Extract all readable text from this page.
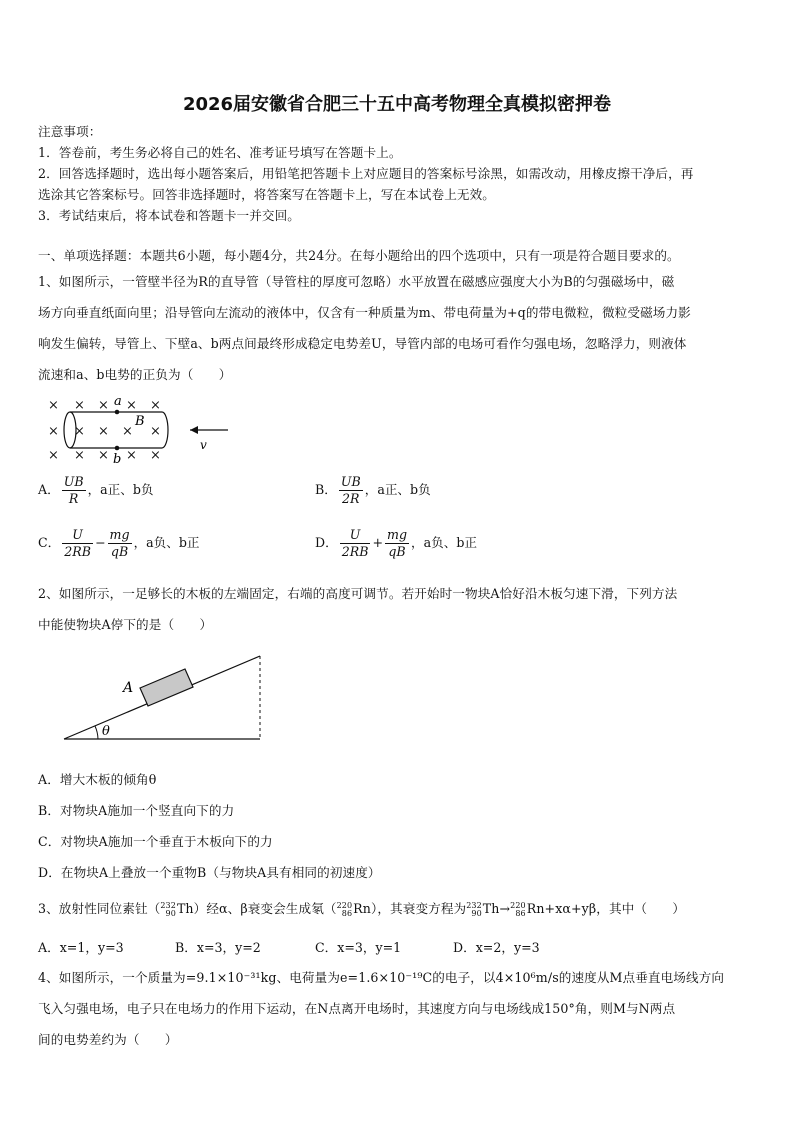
2026届安徽省合肥三十五中高考物理全真模拟密押卷
注意事项：
1．答卷前，考生务必将自己的姓名、准考证号填写在答题卡上。
2．回答选择题时，选出每小题答案后，用铅笔把答题卡上对应题目的答案标号涂黑，如需改动，用橡皮擦干净后，再
选涂其它答案标号。回答非选择题时，将答案写在答题卡上，写在本试卷上无效。
3．考试结束后，将本试卷和答题卡一并交回。
一、单项选择题：本题共6小题，每小题4分，共24分。在每小题给出的四个选项中，只有一项是符合题目要求的。
1、如图所示，一管壁半径为R的直导管（导管柱的厚度可忽略）水平放置在磁感应强度大小为B的匀强磁场中，磁
场方向垂直纸面向里；沿导管向左流动的液体中，仅含有一种质量为m、带电荷量为+q的带电微粒，微粒受磁场力影
响发生偏转，导管上、下壁a、b两点间最终形成稳定电势差U，导管内部的电场可看作匀强电场，忽略浮力，则液体
流速和a、b电势的正负为（　　）
× × × × ×
× × × × ×
× × × × ×
a
b
B
v
A． $\frac{UB}{R}$ ，a正、b负	B． $\frac{UB}{2R}$ ，a正、b负
C． $\frac{U}{2RB} - \frac{mg}{qB}$ ，a负、b正	D． $\frac{U}{2RB} + \frac{mg}{qB}$ ，a负、b正
2、如图所示，一足够长的木板的左端固定，右端的高度可调节。若开始时一物块A恰好沿木板匀速下滑，下列方法
中能使物块A停下的是（　　）
A
θ
A．增大木板的倾角θ
B．对物块A施加一个竖直向下的力
C．对物块A施加一个垂直于木板向下的力
D．在物块A上叠放一个重物B（与物块A具有相同的初速度）
3、放射性同位素钍（ 232
90 Th）经α、β衰变会生成氡（ 220
86 Rn），其衰变方程为 232
90 Th→ 220
86 Rn+xα+yβ，其中（　　）
A．x=1，y=3	B．x=3，y=2	C．x=3，y=1	D．x=2，y=3
4、如图所示，一个质量为=9.1×10⁻³¹kg、电荷量为e=1.6×10⁻¹⁹C的电子，以4×10⁶m/s的速度从M点垂直电场线方向
飞入匀强电场，电子只在电场力的作用下运动，在N点离开电场时，其速度方向与电场线成150°角，则M与N两点
间的电势差约为（　　）
